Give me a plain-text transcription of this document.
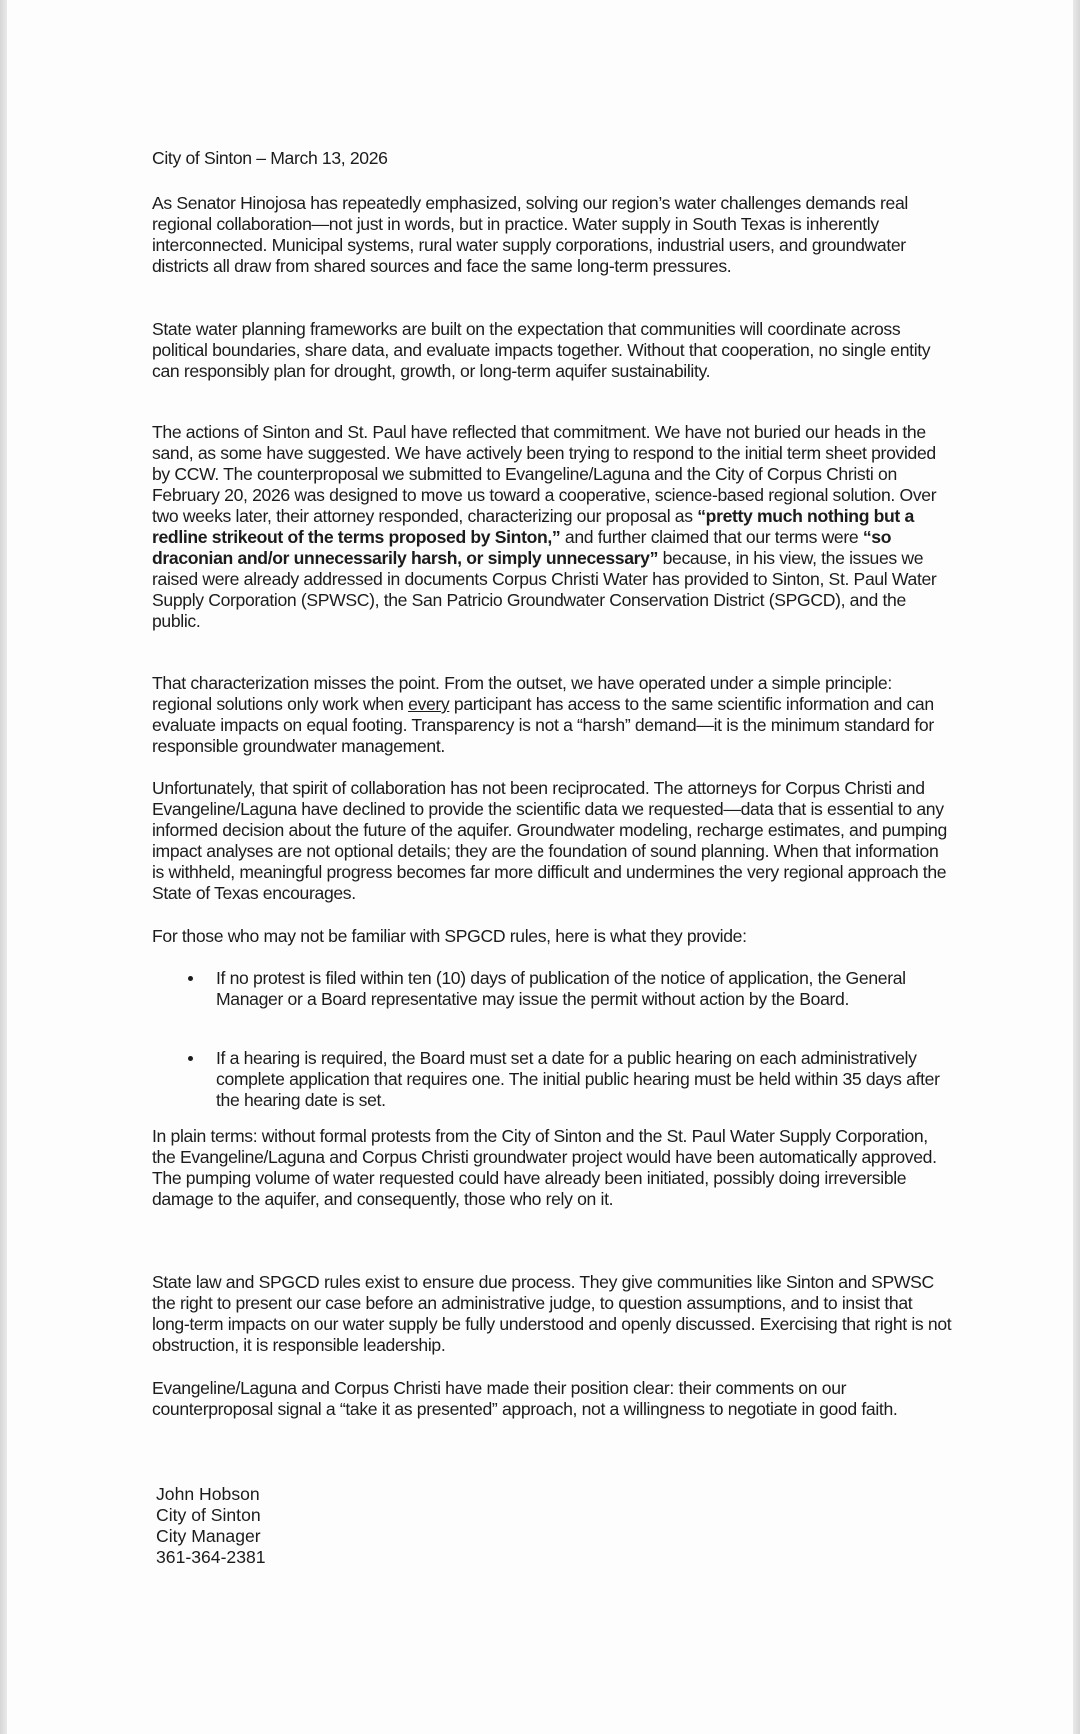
City of Sinton – March 13, 2026

As Senator Hinojosa has repeatedly emphasized, solving our region’s water challenges demands real regional collaboration—not just in words, but in practice. Water supply in South Texas is inherently interconnected. Municipal systems, rural water supply corporations, industrial users, and groundwater districts all draw from shared sources and face the same long-term pressures.

State water planning frameworks are built on the expectation that communities will coordinate across political boundaries, share data, and evaluate impacts together. Without that cooperation, no single entity can responsibly plan for drought, growth, or long-term aquifer sustainability.

The actions of Sinton and St. Paul have reflected that commitment. We have not buried our heads in the sand, as some have suggested. We have actively been trying to respond to the initial term sheet provided by CCW. The counterproposal we submitted to Evangeline/Laguna and the City of Corpus Christi on February 20, 2026 was designed to move us toward a cooperative, science-based regional solution. Over two weeks later, their attorney responded, characterizing our proposal as “pretty much nothing but a redline strikeout of the terms proposed by Sinton,” and further claimed that our terms were “so draconian and/or unnecessarily harsh, or simply unnecessary” because, in his view, the issues we raised were already addressed in documents Corpus Christi Water has provided to Sinton, St. Paul Water Supply Corporation (SPWSC), the San Patricio Groundwater Conservation District (SPGCD), and the public.

That characterization misses the point. From the outset, we have operated under a simple principle: regional solutions only work when every participant has access to the same scientific information and can evaluate impacts on equal footing. Transparency is not a “harsh” demand—it is the minimum standard for responsible groundwater management.

Unfortunately, that spirit of collaboration has not been reciprocated. The attorneys for Corpus Christi and Evangeline/Laguna have declined to provide the scientific data we requested—data that is essential to any informed decision about the future of the aquifer. Groundwater modeling, recharge estimates, and pumping impact analyses are not optional details; they are the foundation of sound planning. When that information is withheld, meaningful progress becomes far more difficult and undermines the very regional approach the State of Texas encourages.

For those who may not be familiar with SPGCD rules, here is what they provide:

If no protest is filed within ten (10) days of publication of the notice of application, the General Manager or a Board representative may issue the permit without action by the Board.
If a hearing is required, the Board must set a date for a public hearing on each administratively complete application that requires one. The initial public hearing must be held within 35 days after the hearing date is set.

In plain terms: without formal protests from the City of Sinton and the St. Paul Water Supply Corporation, the Evangeline/Laguna and Corpus Christi groundwater project would have been automatically approved. The pumping volume of water requested could have already been initiated, possibly doing irreversible damage to the aquifer, and consequently, those who rely on it.

State law and SPGCD rules exist to ensure due process. They give communities like Sinton and SPWSC the right to present our case before an administrative judge, to question assumptions, and to insist that long-term impacts on our water supply be fully understood and openly discussed. Exercising that right is not obstruction, it is responsible leadership.

Evangeline/Laguna and Corpus Christi have made their position clear: their comments on our counterproposal signal a “take it as presented” approach, not a willingness to negotiate in good faith.

John Hobson
City of Sinton
City Manager
361-364-2381
